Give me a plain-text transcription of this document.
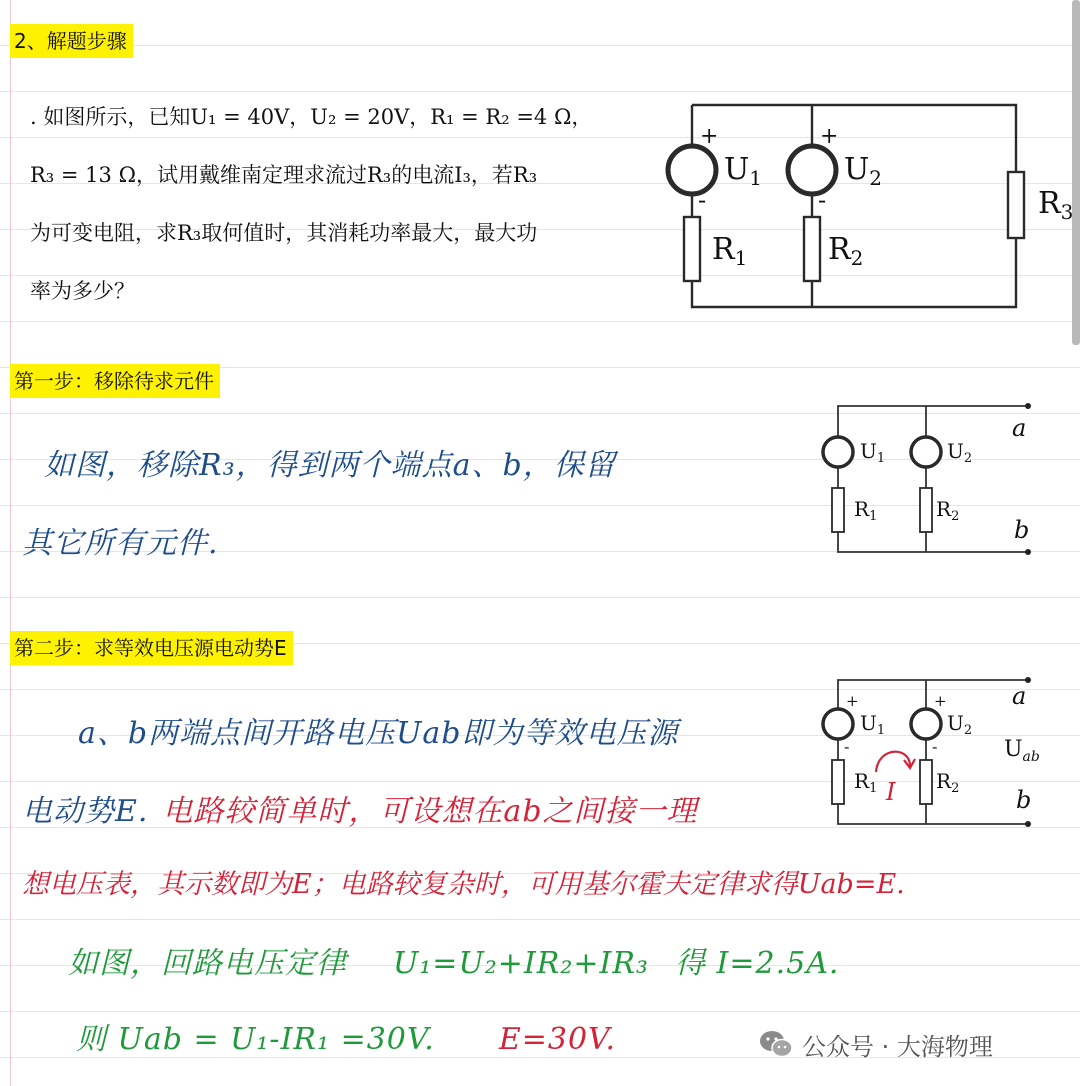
2、解题步骤
. 如图所示，已知U₁ = 40V，U₂ = 20V，R₁ = R₂ =4 Ω，
R₃ = 13 Ω，试用戴维南定理求流过R₃的电流I₃，若R₃
为可变电阻，求R₃取何值时，其消耗功率最大，最大功
率为多少？
+
-
+
-
$U_1$	$U_2$
$R_1$	$R_2$
$R_3$
第一步：移除待求元件
如图，移除R₃，得到两个端点a、b，保留
其它所有元件.
$U_1$	$U_2$
$R_1$	$R_2$
a
b
第二步：求等效电压源电动势E
a、b两端点间开路电压Uab即为等效电压源
电动势E. 电路较简单时，可设想在ab之间接一理
想电压表，其示数即为E；电路较复杂时，可用基尔霍夫定律求得Uab=E.
如图，回路电压定律 U₁=U₂+IR₂+IR₃ 得 I=2.5A.
则 Uab = U₁-IR₁ =30V. E=30V.
+
-
+
-
$U_1$	$U_2$
$R_1$	$R_2$
a
$U_{ab}$
b
I
公众号 · 大海物理
